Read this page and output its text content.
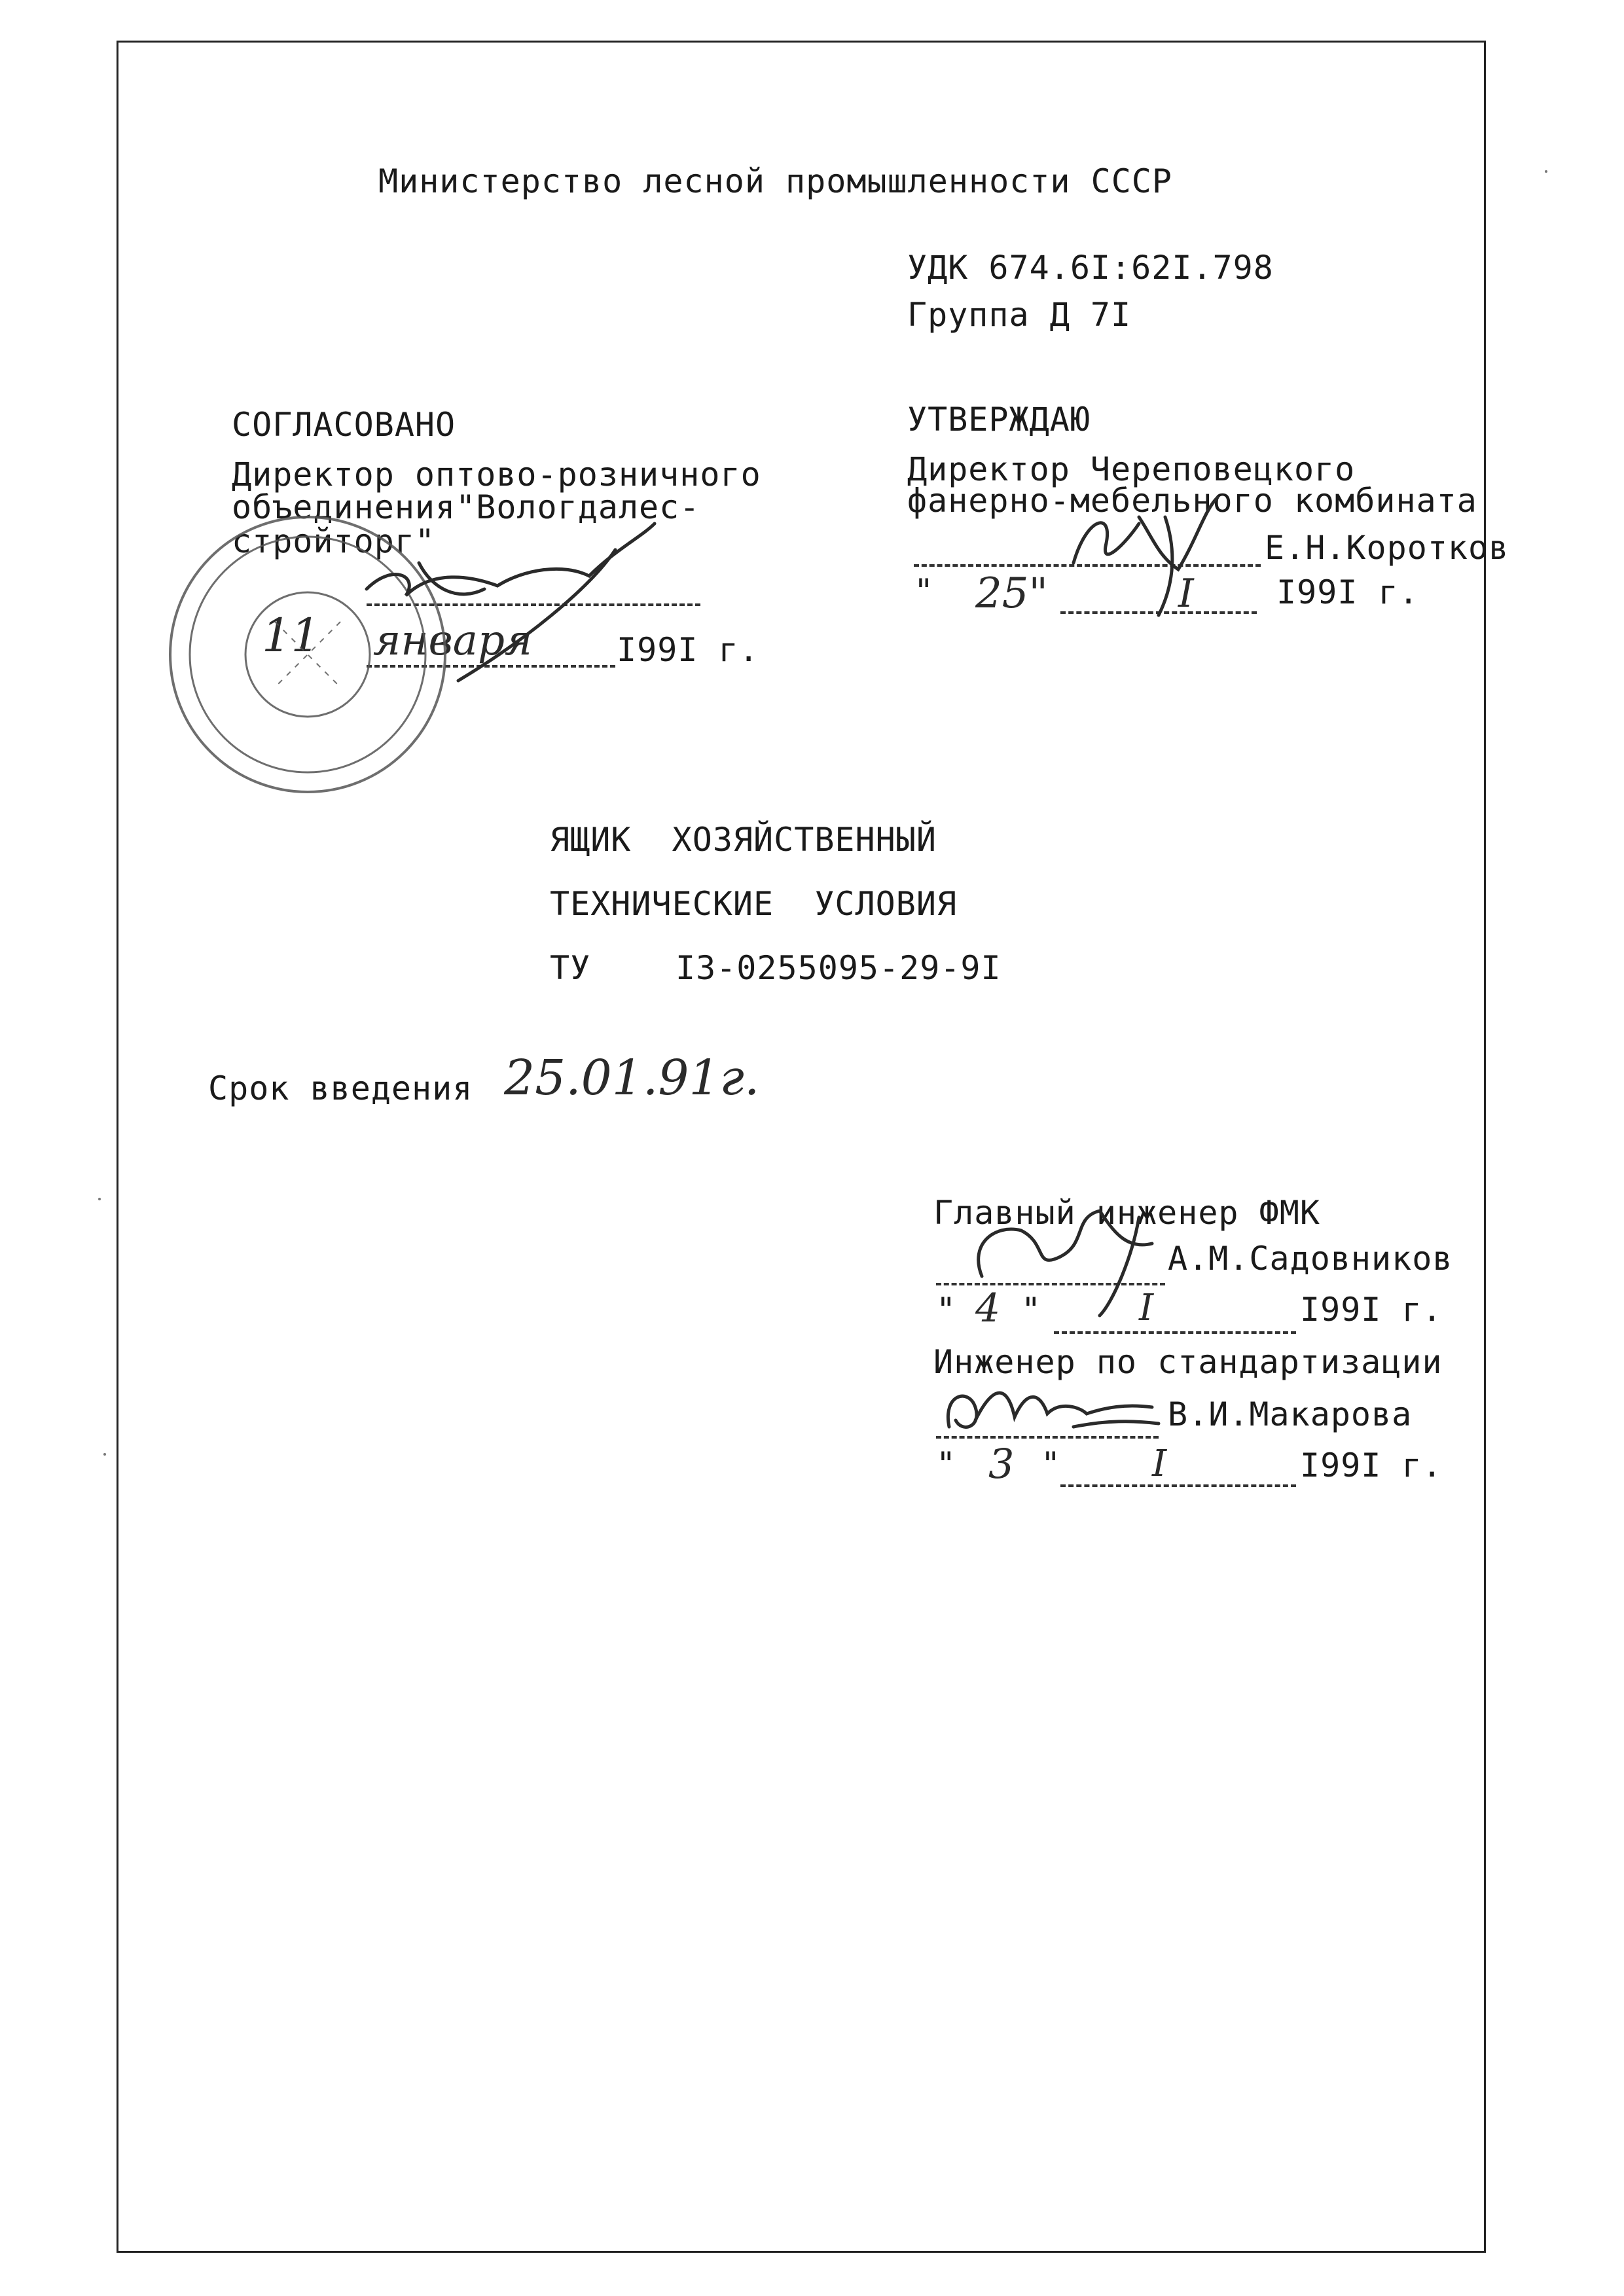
Министерство лесной промышленности СССР
УДК 674.6I:62I.798
Группа Д 7I
СОГЛАСОВАНО
Директор оптово-розничного
объединения"Вологдалес-
стройторг"
11 января	I99I г.
УТВЕРЖДАЮ
Директор Череповецкого
фанерно-мебельного комбината
Е.Н.Коротков
" 25"	I	I99I г.
ЯЩИК  ХОЗЯЙСТВЕННЫЙ
ТЕХНИЧЕСКИЕ  УСЛОВИЯ
ТУ	I3-0255095-29-9I
Срок введения 25.01.91г.
Главный инженер ФМК
А.М.Садовников
" 4 "	I	I99I г.
Инженер по стандартизации
В.И.Макарова
" 3 " I	I99I г.
